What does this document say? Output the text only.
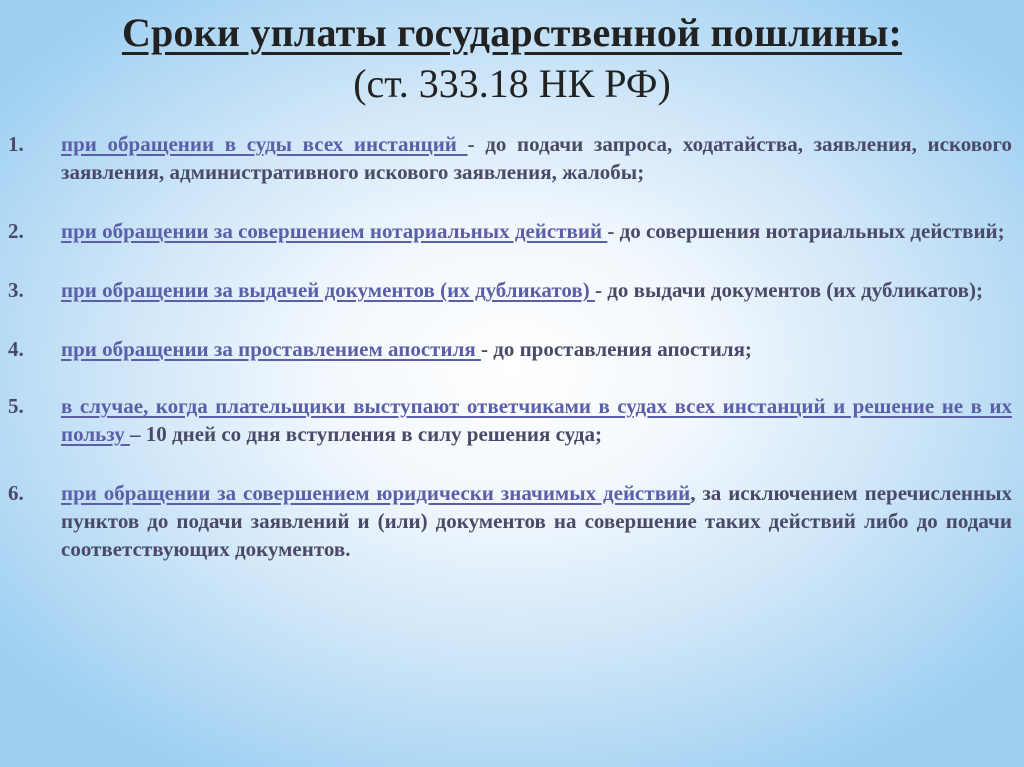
Сроки уплаты государственной пошлины:
(ст. 333.18 НК РФ)
1. при обращении в суды всех инстанций - до подачи запроса, ходатайства, заявления, искового заявления, административного искового заявления, жалобы;
2. при обращении за совершением нотариальных действий - до совершения нотариальных действий;
3. при обращении за выдачей документов (их дубликатов) - до выдачи документов (их дубликатов);
4. при обращении за проставлением апостиля - до проставления апостиля;
5. в случае, когда плательщики выступают ответчиками в судах всех инстанций и решение не в их пользу – 10 дней со дня вступления в силу решения суда;
6. при обращении за совершением юридически значимых действий, за исключением перечисленных пунктов до подачи заявлений и (или) документов на совершение таких действий либо до подачи соответствующих документов.
